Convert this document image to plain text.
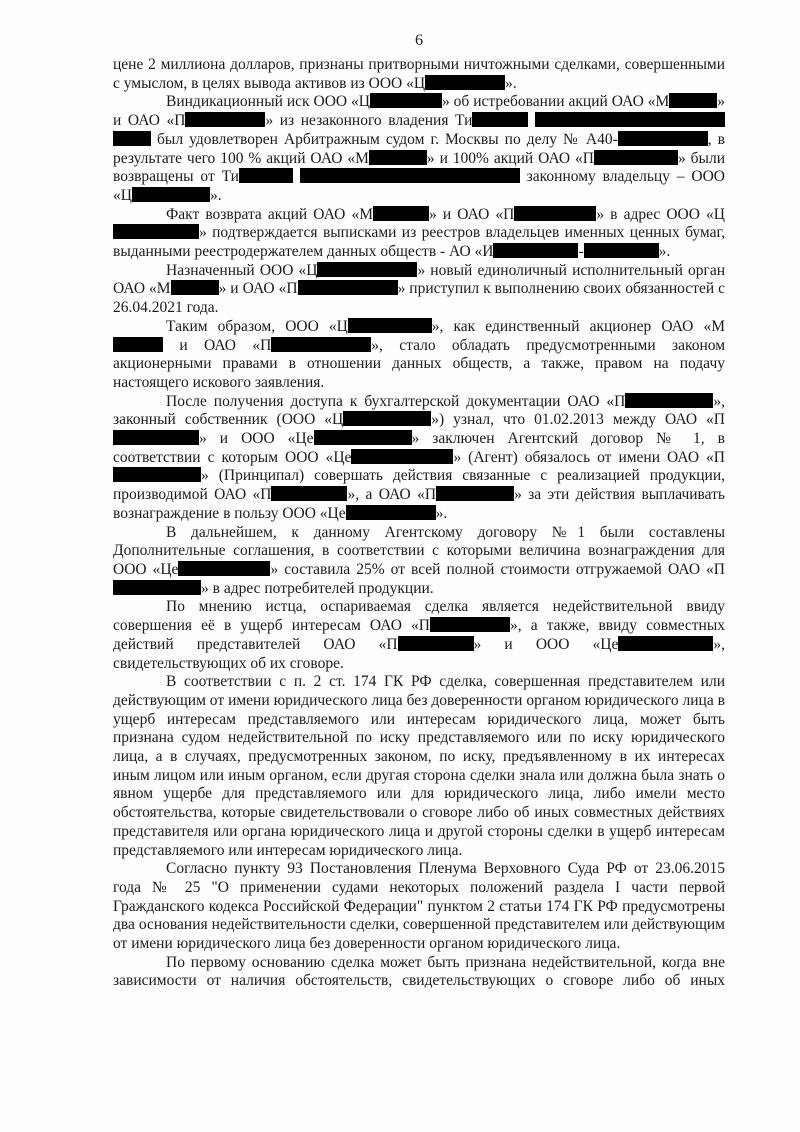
6
цене 2 миллиона долларов, признаны притворными ничтожными сделками, совершенными с умыслом, в целях вывода активов из ООО «Ц	».
Виндикационный иск ООО «Ц	» об истребовании акций ОАО «М	» и ОАО «П	» из незаконного владения Ти   был удовлетворен Арбитражным судом г. Москвы по делу № А40-	, в результате чего 100 % акций ОАО «М	» и 100% акций ОАО «П	» были возвращены от Ти	законному владельцу – ООО «Ц	».
Факт возврата акций ОАО «М	» и ОАО «П	» в адрес ООО «Ц» подтверждается выписками из реестров владельцев именных ценных бумаг, выданными реестродержателем данных обществ - АО «И	-	».
Назначенный ООО «Ц	» новый единоличный исполнительный орган ОАО «М	» и ОАО «П	» приступил к выполнению своих обязанностей с 26.04.2021 года.
Таким образом, ООО «Ц	», как единственный акционер ОАО «М и ОАО «П	», стало обладать предусмотренными законом акционерными правами в отношении данных обществ, а также, правом на подачу настоящего искового заявления.
После получения доступа к бухгалтерской документации ОАО «П	», законный собственник (ООО «Ц	») узнал, что 01.02.2013 между ОАО «П» и ООО «Це	» заключен Агентский договор № 1, в соответствии с которым ООО «Це	» (Агент) обязалось от имени ОАО «П» (Принципал) совершать действия связанные с реализацией продукции, производимой ОАО «П	», а ОАО «П	» за эти действия выплачивать вознаграждение в пользу ООО «Це	».
В дальнейшем, к данному Агентскому договору №1 были составлены Дополнительные соглашения, в соответствии с которыми величина вознаграждения для ООО «Це	» составила 25% от всей полной стоимости отгружаемой ОАО «П» в адрес потребителей продукции.
По мнению истца, оспариваемая сделка является недействительной ввиду совершения её в ущерб интересам ОАО «П	», а также, ввиду совместных действий представителей ОАО «П	» и ООО «Це	», свидетельствующих об их сговоре.
В соответствии с п. 2 ст. 174 ГК РФ сделка, совершенная представителем или действующим от имени юридического лица без доверенности органом юридического лица в ущерб интересам представляемого или интересам юридического лица, может быть признана судом недействительной по иску представляемого или по иску юридического лица, а в случаях, предусмотренных законом, по иску, предъявленному в их интересах иным лицом или иным органом, если другая сторона сделки знала или должна была знать о явном ущербе для представляемого или для юридического лица, либо имели место обстоятельства, которые свидетельствовали о сговоре либо об иных совместных действиях представителя или органа юридического лица и другой стороны сделки в ущерб интересам представляемого или интересам юридического лица.
Согласно пункту 93 Постановления Пленума Верховного Суда РФ от 23.06.2015 года № 25 "О применении судами некоторых положений раздела I части первой Гражданского кодекса Российской Федерации" пунктом 2 статьи 174 ГК РФ предусмотрены два основания недействительности сделки, совершенной представителем или действующим от имени юридического лица без доверенности органом юридического лица.
По первому основанию сделка может быть признана недействительной, когда вне зависимости от наличия обстоятельств, свидетельствующих о сговоре либо об иных
